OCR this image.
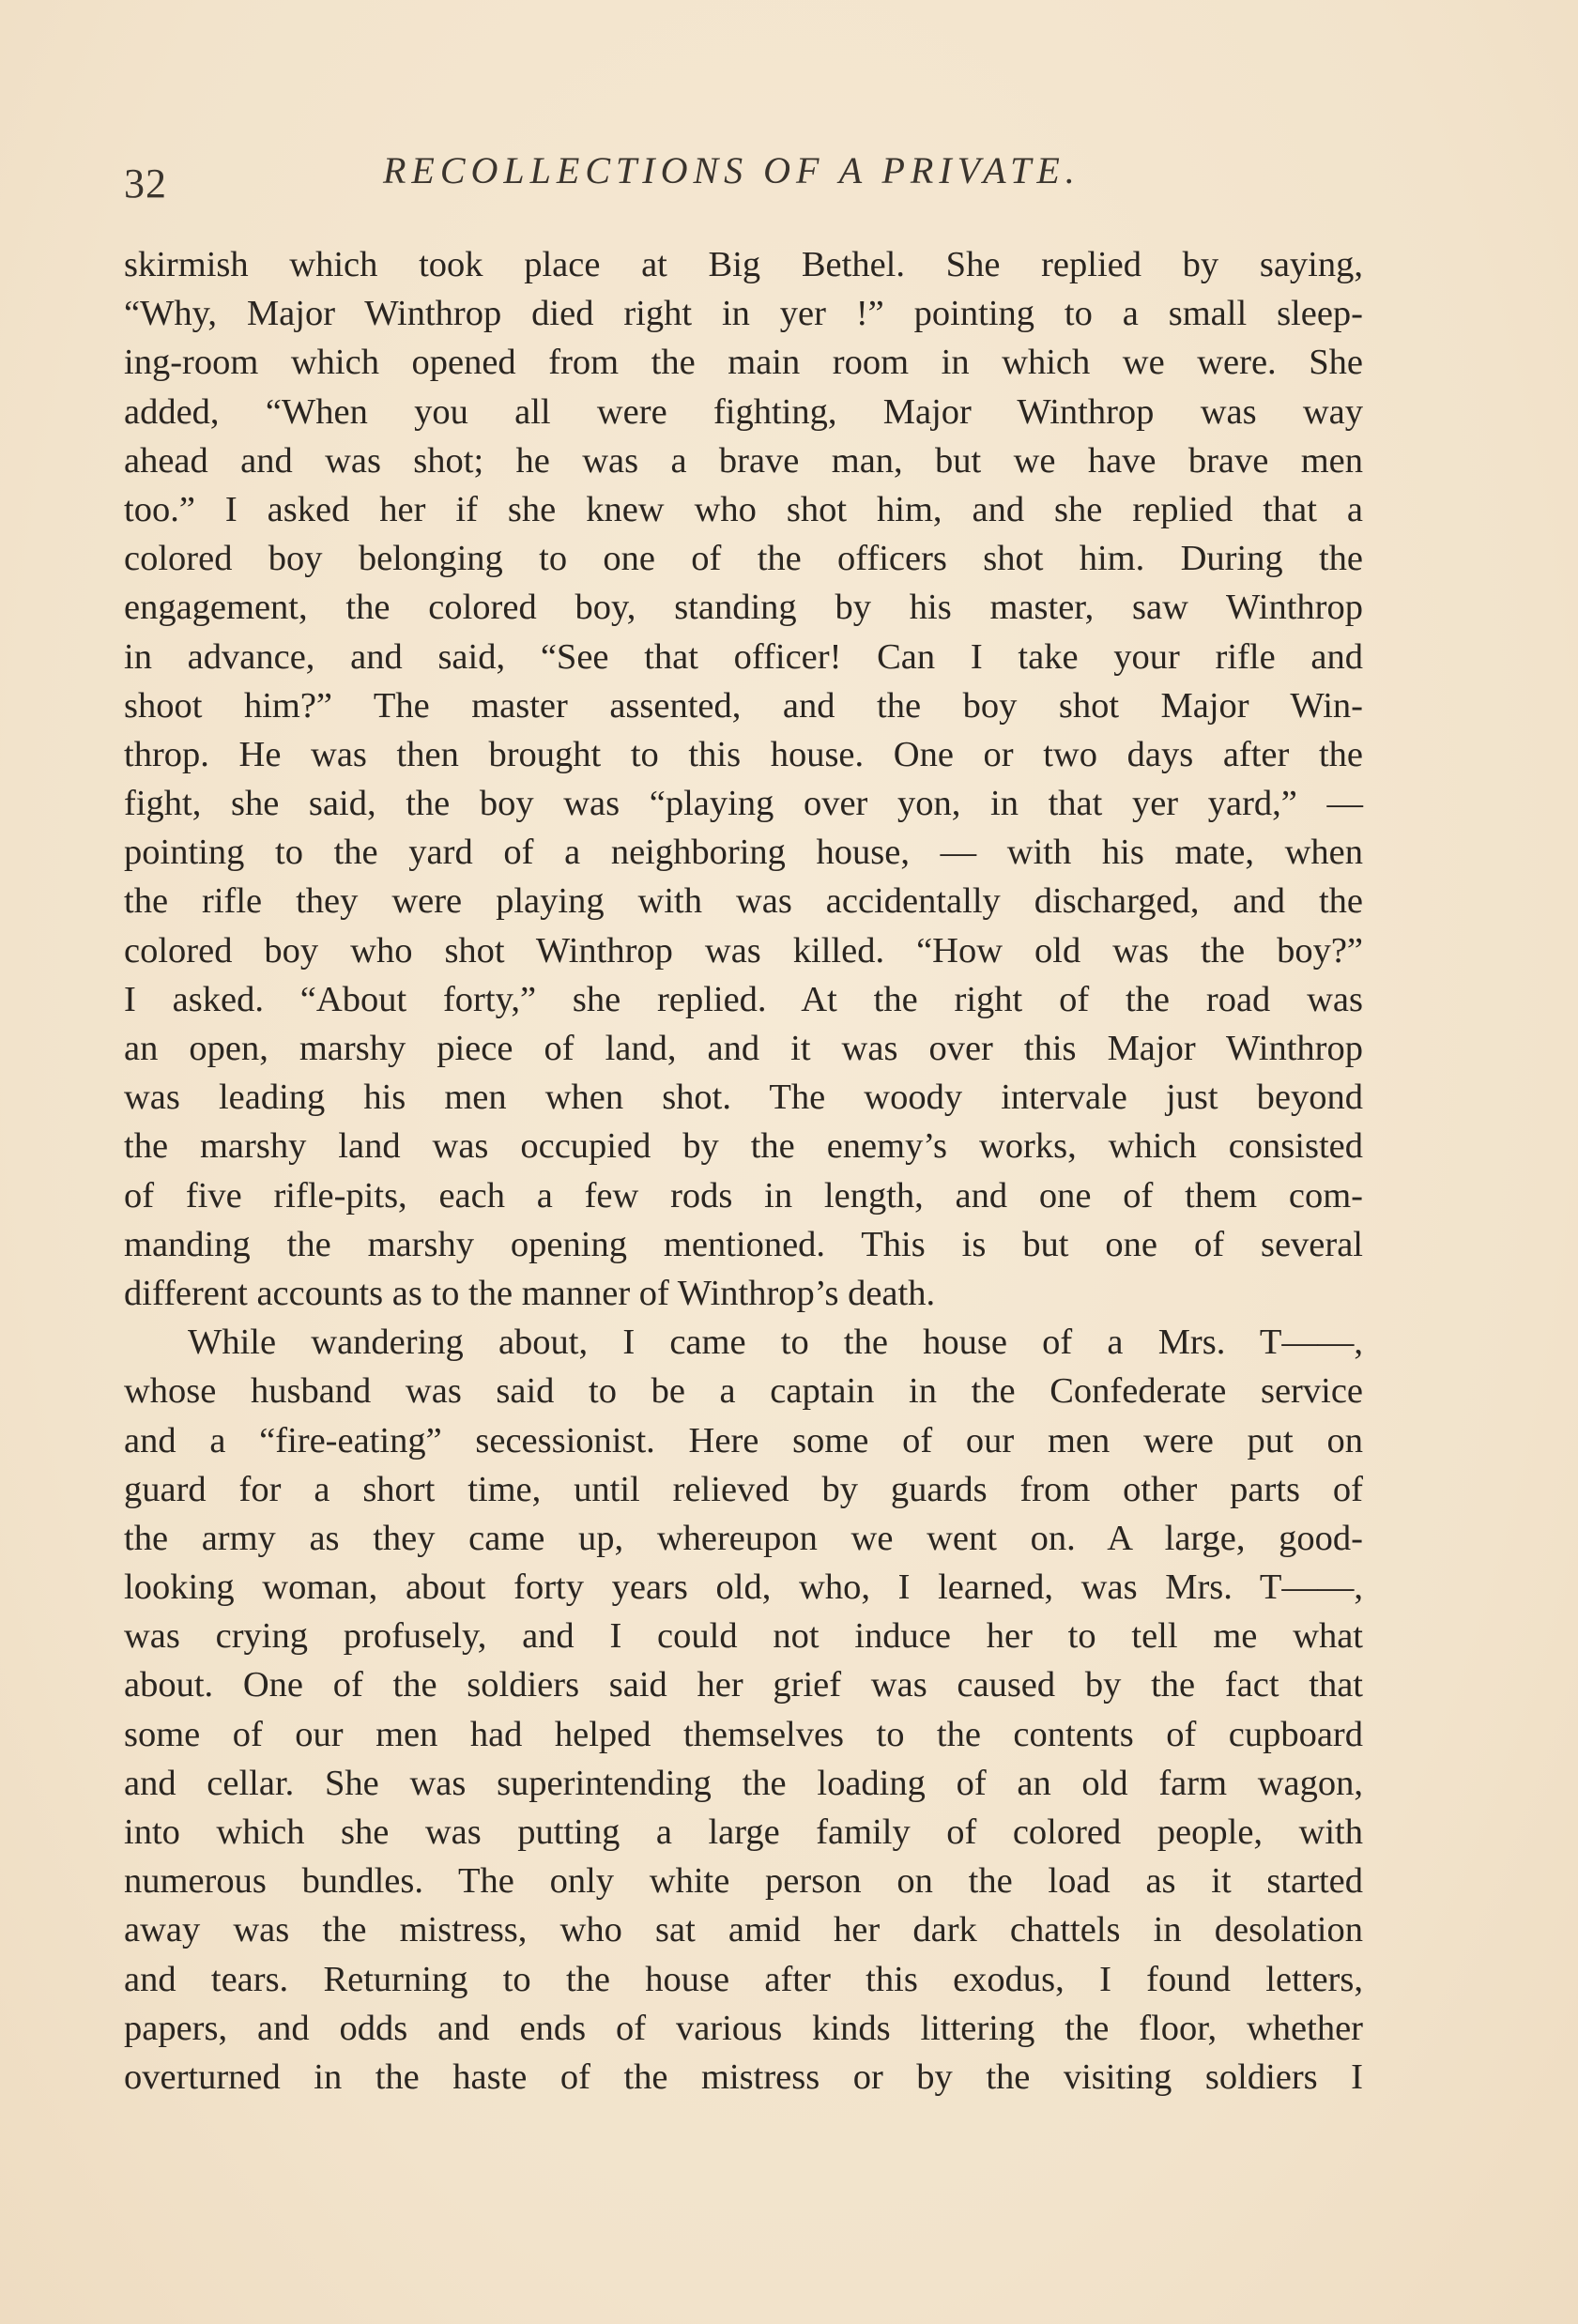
32	RECOLLECTIONS OF A PRIVATE.
skirmish which took place at Big Bethel. She replied by saying,
“Why, Major Winthrop died right in yer !” pointing to a small sleep-
ing-room which opened from the main room in which we were. She
added, “When you all were fighting, Major Winthrop was way
ahead and was shot; he was a brave man, but we have brave men
too.” I asked her if she knew who shot him, and she replied that a
colored boy belonging to one of the officers shot him. During the
engagement, the colored boy, standing by his master, saw Winthrop
in advance, and said, “See that officer! Can I take your rifle and
shoot him?” The master assented, and the boy shot Major Win-
throp. He was then brought to this house. One or two days after the
fight, she said, the boy was “playing over yon, in that yer yard,” —
pointing to the yard of a neighboring house, — with his mate, when
the rifle they were playing with was accidentally discharged, and the
colored boy who shot Winthrop was killed. “How old was the boy?”
I asked. “About forty,” she replied. At the right of the road was
an open, marshy piece of land, and it was over this Major Winthrop
was leading his men when shot. The woody intervale just beyond
the marshy land was occupied by the enemy’s works, which consisted
of five rifle-pits, each a few rods in length, and one of them com-
manding the marshy opening mentioned. This is but one of several
different accounts as to the manner of Winthrop’s death.
While wandering about, I came to the house of a Mrs. T——,
whose husband was said to be a captain in the Confederate service
and a “fire-eating” secessionist. Here some of our men were put on
guard for a short time, until relieved by guards from other parts of
the army as they came up, whereupon we went on. A large, good-
looking woman, about forty years old, who, I learned, was Mrs. T——,
was crying profusely, and I could not induce her to tell me what
about. One of the soldiers said her grief was caused by the fact that
some of our men had helped themselves to the contents of cupboard
and cellar. She was superintending the loading of an old farm wagon,
into which she was putting a large family of colored people, with
numerous bundles. The only white person on the load as it started
away was the mistress, who sat amid her dark chattels in desolation
and tears. Returning to the house after this exodus, I found letters,
papers, and odds and ends of various kinds littering the floor, whether
overturned in the haste of the mistress or by the visiting soldiers I
